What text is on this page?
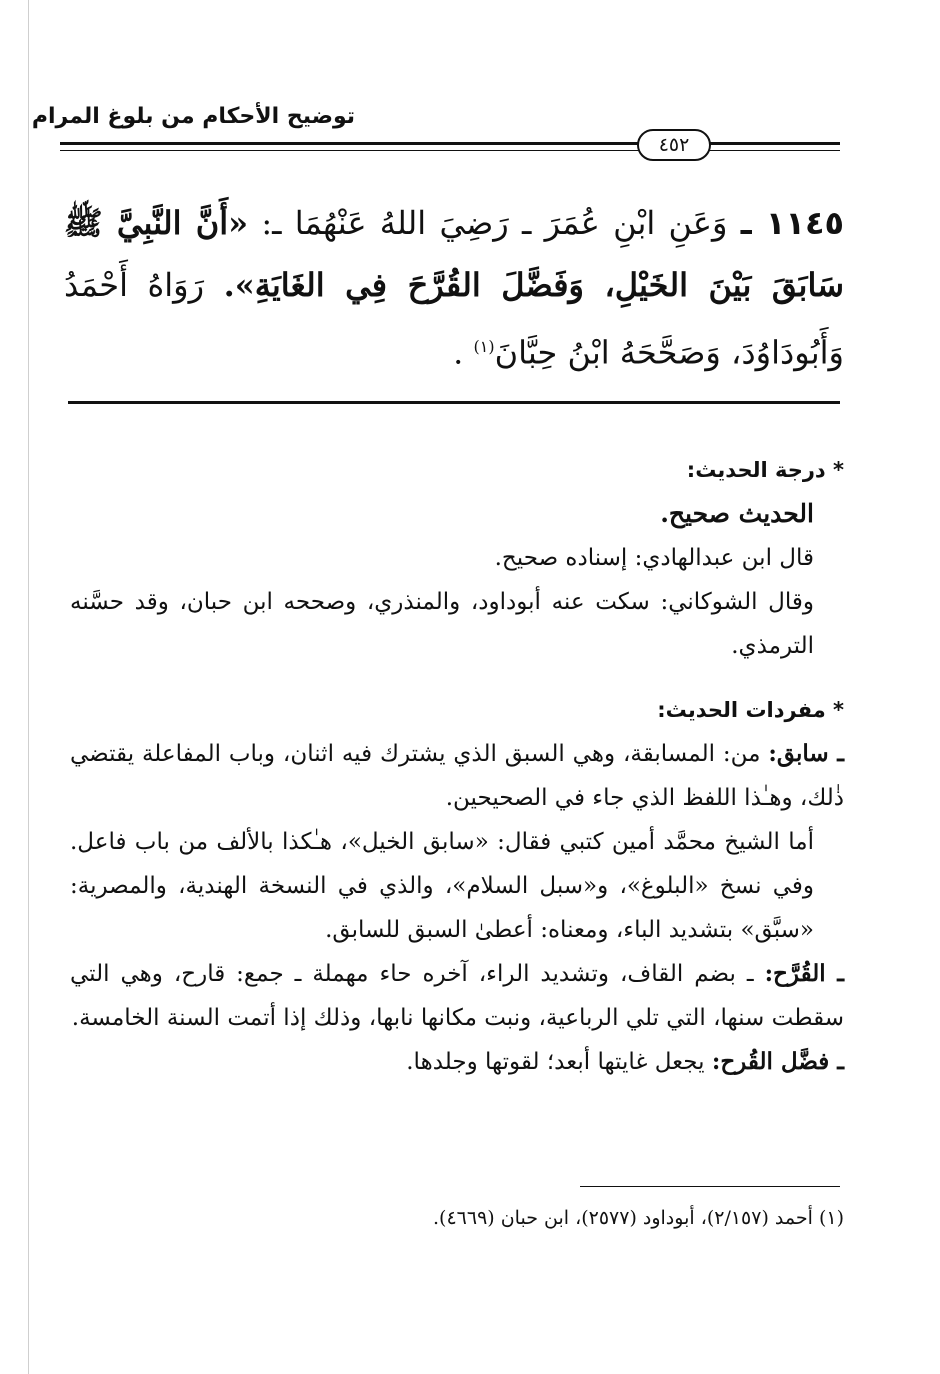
توضيح الأحكام من بلوغ المرام
٤٥٢
١١٤٥ ـ وَعَنِ ابْنِ عُمَرَ ـ رَضِيَ اللهُ عَنْهُمَا ـ: «أَنَّ النَّبِيَّ ﷺ سَابَقَ بَيْنَ الخَيْلِ، وَفَضَّلَ القُرَّحَ فِي الغَايَةِ». رَوَاهُ أَحْمَدُ وَأَبُودَاوُدَ، وَصَحَّحَهُ ابْنُ حِبَّانَ$^{(١)}$ .

* درجة الحديث:

الحديث صحيح.

قال ابن عبدالهادي: إسناده صحيح.

وقال الشوكاني: سكت عنه أبوداود، والمنذري، وصححه ابن حبان، وقد حسَّنه الترمذي.

* مفردات الحديث:

ـ سابق: من: المسابقة، وهي السبق الذي يشترك فيه اثنان، وباب المفاعلة يقتضي ذٰلك، وهـٰذا اللفظ الذي جاء في الصحيحين.

أما الشيخ محمَّد أمين كتبي فقال: «سابق الخيل»، هـٰكذا بالألف من باب فاعل. وفي نسخ «البلوغ»، و«سبل السلام»، والذي في النسخة الهندية، والمصرية: «سبَّق» بتشديد الباء، ومعناه: أعطىٰ السبق للسابق.

ـ القُرَّح: ـ بضم القاف، وتشديد الراء، آخره حاء مهملة ـ جمع: قارح، وهي التي سقطت سنها، التي تلي الرباعية، ونبت مكانها نابها، وذلك إذا أتمت السنة الخامسة.

ـ فضَّل القُرح: يجعل غايتها أبعد؛ لقوتها وجلدها.

(١) أحمد (٢/١٥٧)، أبوداود (٢٥٧٧)، ابن حبان (٤٦٦٩).
